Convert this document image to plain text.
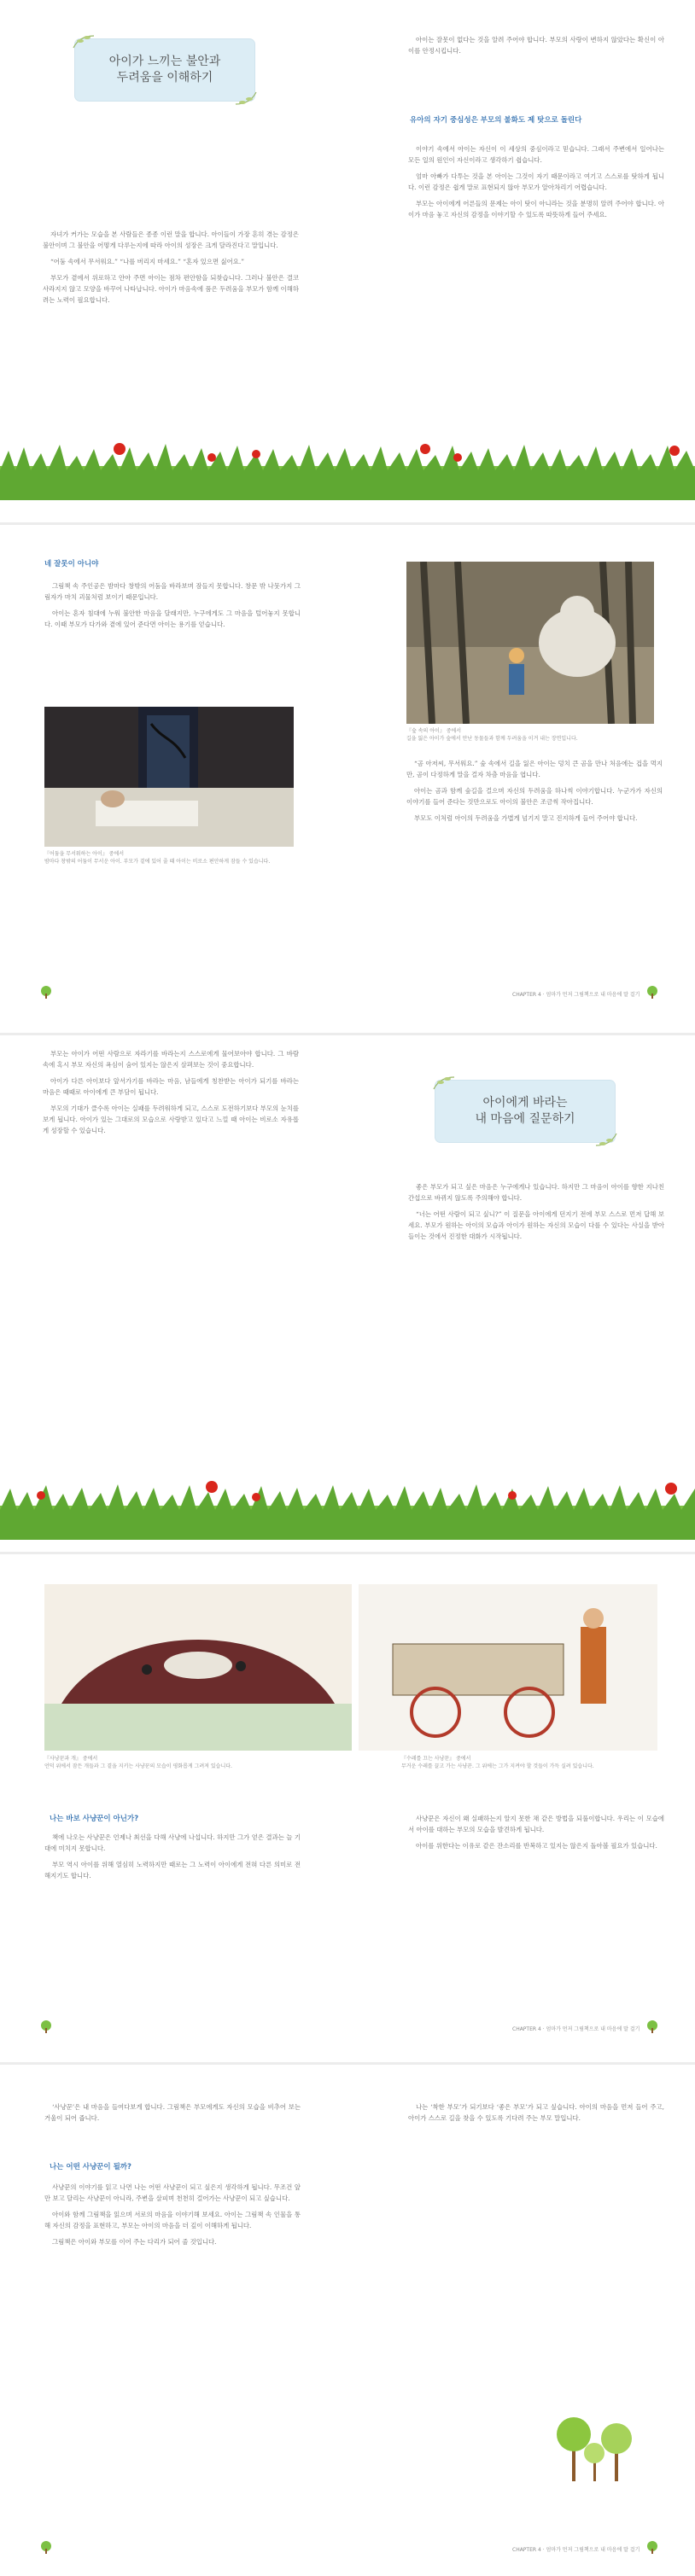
아이가 느끼는 불안과
두려움을 이해하기

자녀가 커가는 모습을 본 사람들은 종종 이런 말을 합니다. 아이들이 가장 흔히 겪는 감정은 불안이며 그 불안을 어떻게 다루는지에 따라 아이의 성장은 크게 달라진다고 말입니다.

“어둠 속에서 무서워요.” “나를 버리지 마세요.” “혼자 있으면 싫어요.”

부모가 곁에서 위로하고 안아 주면 아이는 점차 편안함을 되찾습니다. 그러나 불안은 결코 사라지지 않고 모양을 바꾸어 나타납니다. 아이가 마음속에 품은 두려움을 부모가 함께 이해하려는 노력이 필요합니다.

아이는 잘못이 없다는 것을 알려 주어야 합니다. 부모의 사랑이 변하지 않았다는 확신이 아이를 안정시킵니다.

유아의 자기 중심성은 부모의 불화도 제 탓으로 돌린다

이야기 속에서 아이는 자신이 이 세상의 중심이라고 믿습니다. 그래서 주변에서 일어나는 모든 일의 원인이 자신이라고 생각하기 쉽습니다.

엄마 아빠가 다투는 것을 본 아이는 그것이 자기 때문이라고 여기고 스스로를 탓하게 됩니다. 이런 감정은 쉽게 말로 표현되지 않아 부모가 알아차리기 어렵습니다.

부모는 아이에게 어른들의 문제는 아이 탓이 아니라는 것을 분명히 알려 주어야 합니다. 아이가 마음 놓고 자신의 감정을 이야기할 수 있도록 따뜻하게 들어 주세요.

네 잘못이 아니야

그림책 속 주인공은 밤마다 창밖의 어둠을 바라보며 잠들지 못합니다. 창문 밖 나뭇가지 그림자가 마치 괴물처럼 보이기 때문입니다.

아이는 혼자 침대에 누워 불안한 마음을 달래지만, 누구에게도 그 마음을 털어놓지 못합니다. 이때 부모가 다가와 곁에 있어 준다면 아이는 용기를 얻습니다.

『어둠을 무서워하는 아이』 중에서
밤마다 창밖의 어둠이 무서운 아이. 부모가 곁에 있어 줄 때 아이는 비로소 편안하게 잠들 수 있습니다.
『숲 속의 아이』 중에서
길을 잃은 아이가 숲에서 만난 동물들과 함께 두려움을 이겨 내는 장면입니다.

“곰 아저씨, 무서워요.” 숲 속에서 길을 잃은 아이는 덩치 큰 곰을 만나 처음에는 겁을 먹지만, 곰이 다정하게 말을 걸자 차츰 마음을 엽니다.

아이는 곰과 함께 숲길을 걸으며 자신의 두려움을 하나씩 이야기합니다. 누군가가 자신의 이야기를 들어 준다는 것만으로도 아이의 불안은 조금씩 작아집니다.

부모도 이처럼 아이의 두려움을 가볍게 넘기지 말고 진지하게 들어 주어야 합니다.

CHAPTER 4 · 엄마가 먼저 그림책으로 내 마음에 말 걸기

부모는 아이가 어떤 사람으로 자라기를 바라는지 스스로에게 물어보아야 합니다. 그 바람 속에 혹시 부모 자신의 욕심이 숨어 있지는 않은지 살펴보는 것이 중요합니다.

아이가 다른 아이보다 앞서가기를 바라는 마음, 남들에게 칭찬받는 아이가 되기를 바라는 마음은 때때로 아이에게 큰 부담이 됩니다.

부모의 기대가 클수록 아이는 실패를 두려워하게 되고, 스스로 도전하기보다 부모의 눈치를 보게 됩니다. 아이가 있는 그대로의 모습으로 사랑받고 있다고 느낄 때 아이는 비로소 자유롭게 성장할 수 있습니다.

아이에게 바라는
내 마음에 질문하기

좋은 부모가 되고 싶은 마음은 누구에게나 있습니다. 하지만 그 마음이 아이를 향한 지나친 간섭으로 바뀌지 않도록 주의해야 합니다.

“너는 어떤 사람이 되고 싶니?” 이 질문을 아이에게 던지기 전에 부모 스스로 먼저 답해 보세요. 부모가 원하는 아이의 모습과 아이가 원하는 자신의 모습이 다를 수 있다는 사실을 받아들이는 것에서 진정한 대화가 시작됩니다.

『사냥꾼과 개』 중에서
언덕 위에서 잠든 개들과 그 곁을 지키는 사냥꾼의 모습이 평화롭게 그려져 있습니다.
『수레를 끄는 사냥꾼』 중에서
무거운 수레를 끌고 가는 사냥꾼. 그 위에는 그가 지켜야 할 것들이 가득 실려 있습니다.
나는 바보 사냥꾼이 아닌가?

책에 나오는 사냥꾼은 언제나 최선을 다해 사냥에 나섭니다. 하지만 그가 얻은 결과는 늘 기대에 미치지 못합니다.

부모 역시 아이를 위해 열심히 노력하지만 때로는 그 노력이 아이에게 전혀 다른 의미로 전해지기도 합니다.

사냥꾼은 자신이 왜 실패하는지 알지 못한 채 같은 방법을 되풀이합니다. 우리는 이 모습에서 아이를 대하는 부모의 모습을 발견하게 됩니다.

아이를 위한다는 이유로 같은 잔소리를 반복하고 있지는 않은지 돌아볼 필요가 있습니다.

CHAPTER 4 · 엄마가 먼저 그림책으로 내 마음에 말 걸기

‘사냥꾼’은 내 마음을 들여다보게 합니다. 그림책은 부모에게도 자신의 모습을 비추어 보는 거울이 되어 줍니다.

나는 어떤 사냥꾼이 될까?

사냥꾼의 이야기를 읽고 나면 나는 어떤 사냥꾼이 되고 싶은지 생각하게 됩니다. 무조건 앞만 보고 달리는 사냥꾼이 아니라, 주변을 살피며 천천히 걸어가는 사냥꾼이 되고 싶습니다.

아이와 함께 그림책을 읽으며 서로의 마음을 이야기해 보세요. 아이는 그림책 속 인물을 통해 자신의 감정을 표현하고, 부모는 아이의 마음을 더 깊이 이해하게 됩니다.

그림책은 아이와 부모를 이어 주는 다리가 되어 줄 것입니다.

나는 ‘착한 부모’가 되기보다 ‘좋은 부모’가 되고 싶습니다. 아이의 마음을 먼저 들어 주고, 아이가 스스로 길을 찾을 수 있도록 기다려 주는 부모 말입니다.

CHAPTER 4 · 엄마가 먼저 그림책으로 내 마음에 말 걸기
